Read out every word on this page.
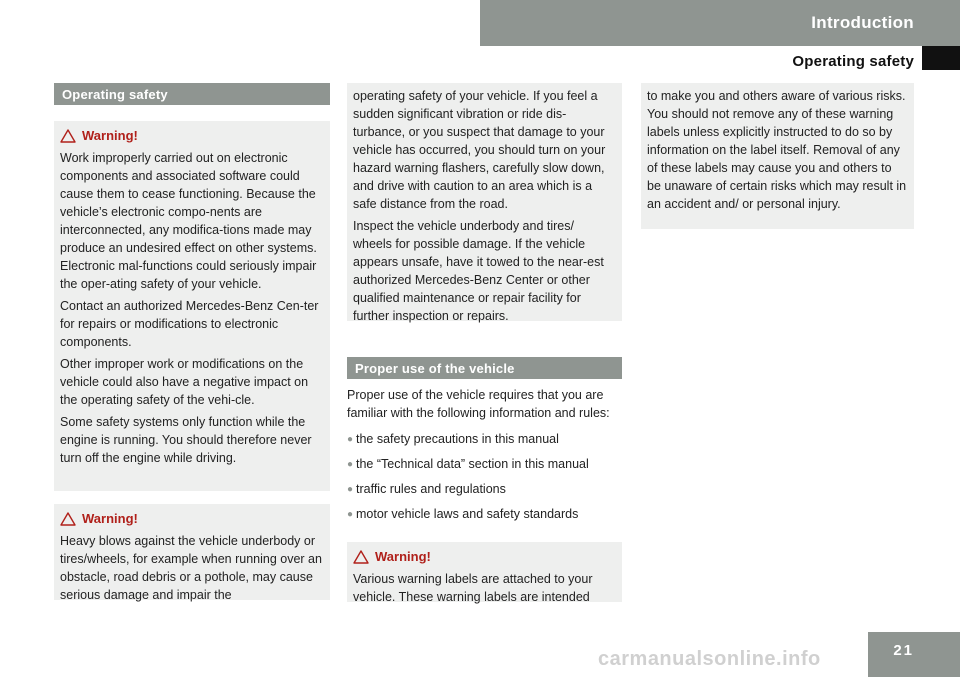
Introduction
Operating safety
Operating safety
Warning!

Work improperly carried out on electronic components and associated software could cause them to cease functioning. Because the vehicle’s electronic compo-nents are interconnected, any modifica-tions made may produce an undesired effect on other systems. Electronic mal-functions could seriously impair the oper-ating safety of your vehicle.

Contact an authorized Mercedes-Benz Cen-ter for repairs or modifications to electronic components.

Other improper work or modifications on the vehicle could also have a negative impact on the operating safety of the vehi-cle.

Some safety systems only function while the engine is running. You should therefore never turn off the engine while driving.

Warning!

Heavy blows against the vehicle underbody or tires/wheels, for example when running over an obstacle, road debris or a pothole, may cause serious damage and impair the

operating safety of your vehicle. If you feel a sudden significant vibration or ride dis-turbance, or you suspect that damage to your vehicle has occurred, you should turn on your hazard warning flashers, carefully slow down, and drive with caution to an area which is a safe distance from the road.

Inspect the vehicle underbody and tires/ wheels for possible damage. If the vehicle appears unsafe, have it towed to the near-est authorized Mercedes-Benz Center or other qualified maintenance or repair facility for further inspection or repairs.

Proper use of the vehicle

Proper use of the vehicle requires that you are familiar with the following information and rules:

● the safety precautions in this manual
● the “Technical data” section in this manual
● traffic rules and regulations
● motor vehicle laws and safety standards
Warning!

Various warning labels are attached to your vehicle. These warning labels are intended

to make you and others aware of various risks. You should not remove any of these warning labels unless explicitly instructed to do so by information on the label itself. Removal of any of these labels may cause you and others to be unaware of certain risks which may result in an accident and/ or personal injury.

21
carmanualsonline.info
